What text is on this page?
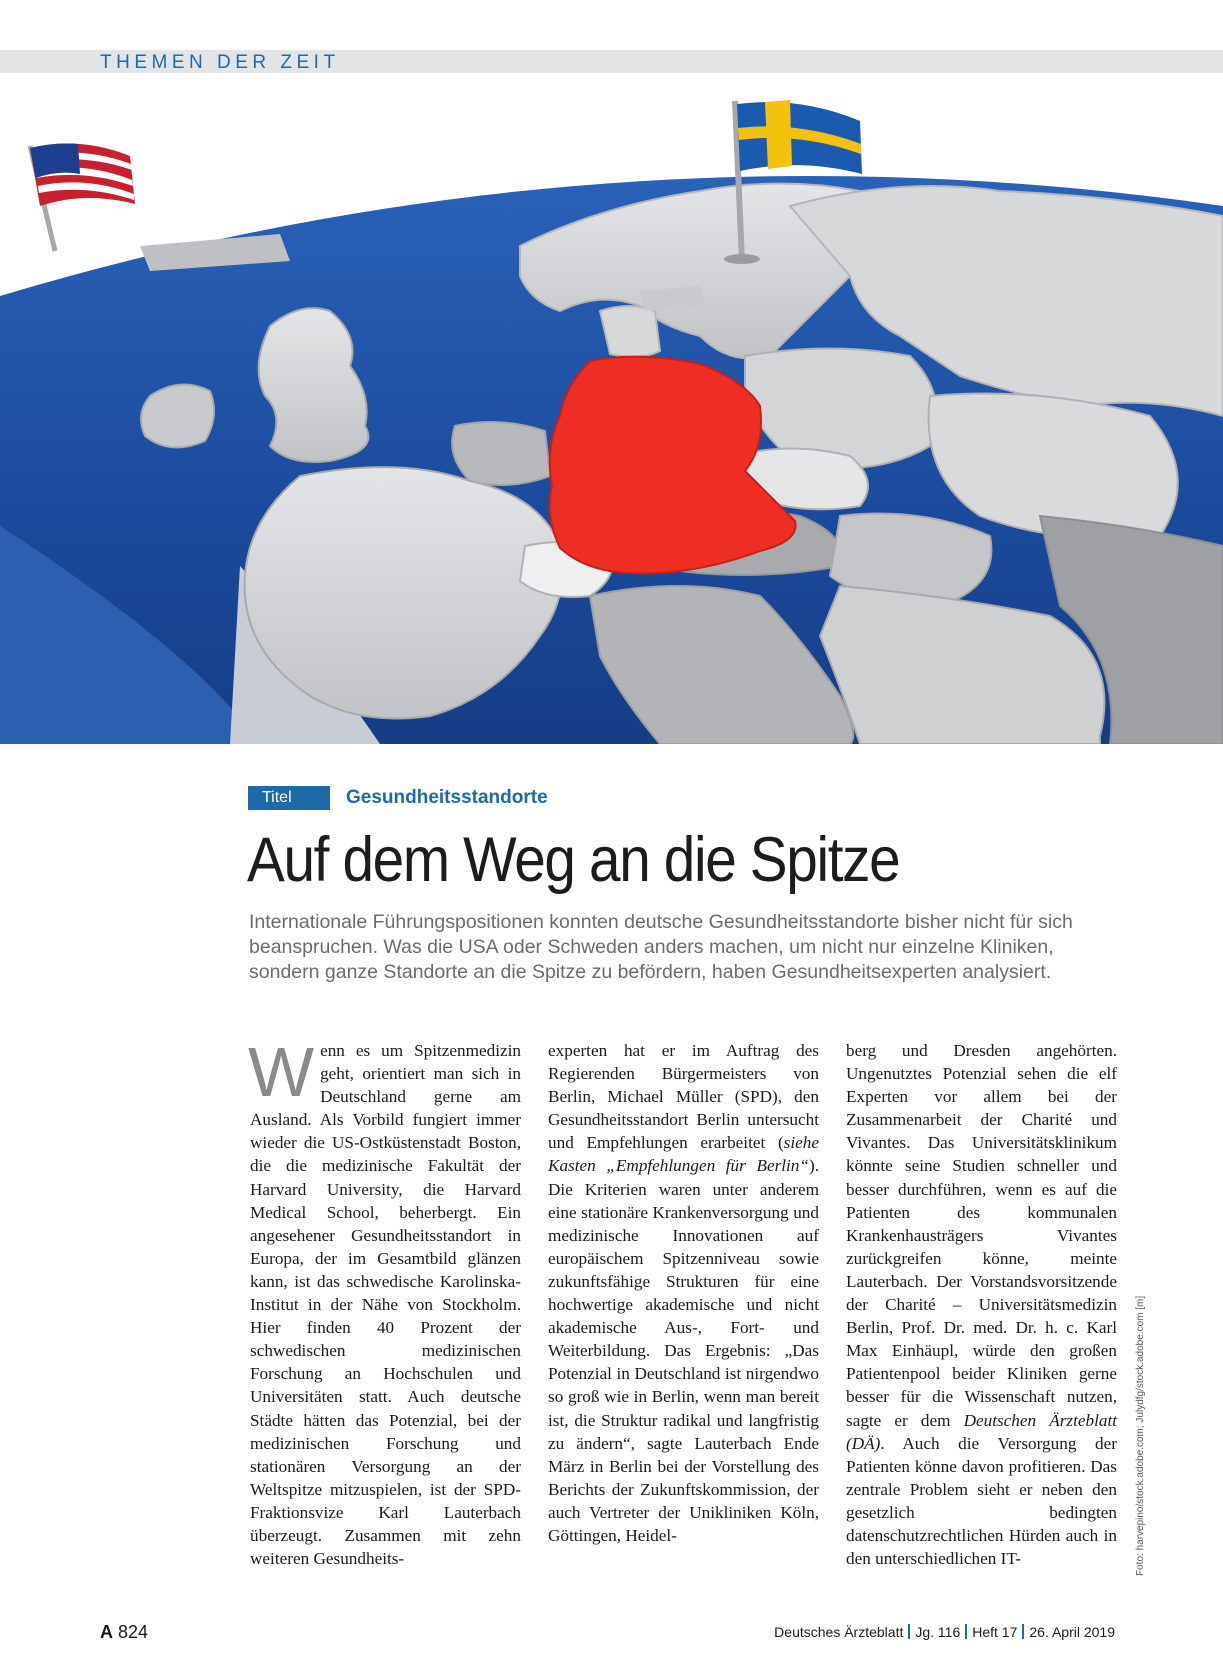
THEMEN DER ZEIT
Titel	Gesundheitsstandorte
Auf dem Weg an die Spitze

Internationale Führungspositionen konnten deutsche Gesundheitsstandorte bisher nicht für sich beanspruchen. Was die USA oder Schweden anders machen, um nicht nur einzelne Kliniken, sondern ganze Standorte an die Spitze zu befördern, haben Gesundheitsexperten analysiert.

Wenn es um Spitzenmedizin geht, orientiert man sich in Deutschland gerne am Ausland. Als Vorbild fungiert immer wieder die US-Ostküstenstadt Boston, die die medizinische Fakultät der Harvard University, die Harvard Medical School, beherbergt. Ein angesehener Gesundheitsstandort in Europa, der im Gesamtbild glänzen kann, ist das schwedische Karolinska-Institut in der Nähe von Stockholm. Hier finden 40 Prozent der schwedischen medizinischen Forschung an Hochschulen und Universitäten statt. Auch deutsche Städte hätten das Potenzial, bei der medizinischen Forschung und stationären Versorgung an der Weltspitze mitzuspielen, ist der SPD-Fraktionsvize Karl Lauterbach überzeugt. Zusammen mit zehn weiteren Gesundheits-

experten hat er im Auftrag des Regierenden Bürgermeisters von Berlin, Michael Müller (SPD), den Gesundheitsstandort Berlin untersucht und Empfehlungen erarbeitet (siehe Kasten „Empfehlungen für Berlin“). Die Kriterien waren unter anderem eine stationäre Krankenversorgung und medizinische Innovationen auf europäischem Spitzenniveau sowie zukunftsfähige Strukturen für eine hochwertige akademische und nicht akademische Aus-, Fort- und Weiterbildung. Das Ergebnis: „Das Potenzial in Deutschland ist nirgendwo so groß wie in Berlin, wenn man bereit ist, die Struktur radikal und langfristig zu ändern“, sagte Lauterbach Ende März in Berlin bei der Vorstellung des Berichts der Zukunftskommission, der auch Vertreter der Unikliniken Köln, Göttingen, Heidel-

berg und Dresden angehörten. Ungenutztes Potenzial sehen die elf Experten vor allem bei der Zusammenarbeit der Charité und Vivantes. Das Universitätsklinikum könnte seine Studien schneller und besser durchführen, wenn es auf die Patienten des kommunalen Krankenhausträgers Vivantes zurückgreifen könne, meinte Lauterbach. Der Vorstandsvorsitzende der Charité – Universitätsmedizin Berlin, Prof. Dr. med. Dr. h. c. Karl Max Einhäupl, würde den großen Patientenpool beider Kliniken gerne besser für die Wissenschaft nutzen, sagte er dem Deutschen Ärzteblatt (DÄ). Auch die Versorgung der Patienten könne davon profitieren. Das zentrale Problem sieht er neben den gesetzlich bedingten datenschutzrechtlichen Hürden auch in den unterschiedlichen IT-	Foto: harvepino/stock.adobe.com; Julydfg/stock.adobe.com [m]
A 824	Deutsches Ärzteblatt Jg. 116 Heft 17 26. April 2019
